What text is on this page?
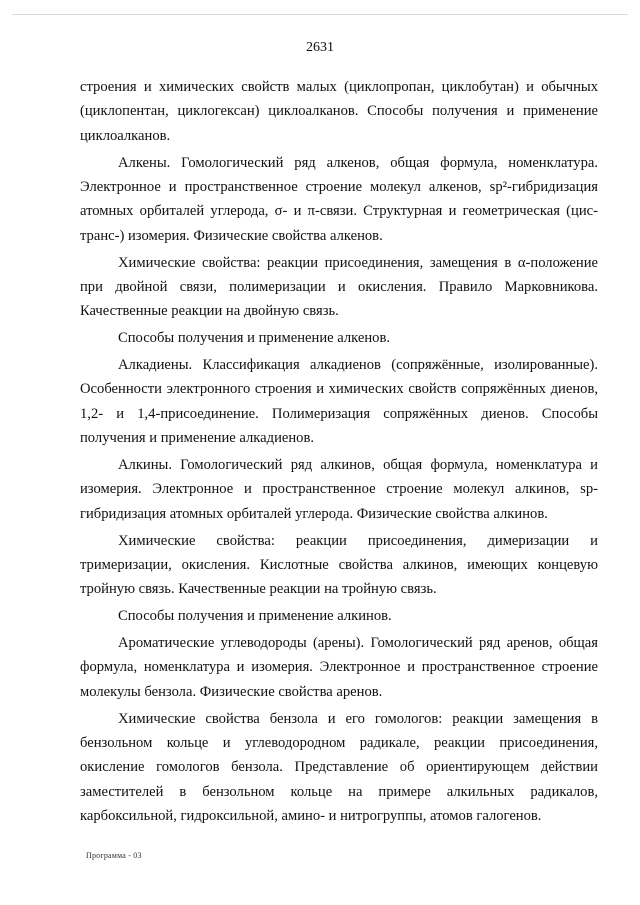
2631

строения и химических свойств малых (циклопропан, циклобутан) и обычных (циклопентан, циклогексан) циклоалканов. Способы получения и применение циклоалканов.

Алкены. Гомологический ряд алкенов, общая формула, номенклатура. Электронное и пространственное строение молекул алкенов, sp²-гибридизация атомных орбиталей углерода, σ- и π-связи. Структурная и геометрическая (цис-транс-) изомерия. Физические свойства алкенов.

Химические свойства: реакции присоединения, замещения в α-положение при двойной связи, полимеризации и окисления. Правило Марковникова. Качественные реакции на двойную связь.

Способы получения и применение алкенов.

Алкадиены. Классификация алкадиенов (сопряжённые, изолированные). Особенности электронного строения и химических свойств сопряжённых диенов, 1,2- и 1,4-присоединение. Полимеризация сопряжённых диенов. Способы получения и применение алкадиенов.

Алкины. Гомологический ряд алкинов, общая формула, номенклатура и изомерия. Электронное и пространственное строение молекул алкинов, sp-гибридизация атомных орбиталей углерода. Физические свойства алкинов.

Химические свойства: реакции присоединения, димеризации и тримеризации, окисления. Кислотные свойства алкинов, имеющих концевую тройную связь. Качественные реакции на тройную связь.

Способы получения и применение алкинов.

Ароматические углеводороды (арены). Гомологический ряд аренов, общая формула, номенклатура и изомерия. Электронное и пространственное строение молекулы бензола. Физические свойства аренов.

Химические свойства бензола и его гомологов: реакции замещения в бензольном кольце и углеводородном радикале, реакции присоединения, окисление гомологов бензола. Представление об ориентирующем действии заместителей в бензольном кольце на примере алкильных радикалов, карбоксильной, гидроксильной, амино- и нитрогруппы, атомов галогенов.

Программа - 03
